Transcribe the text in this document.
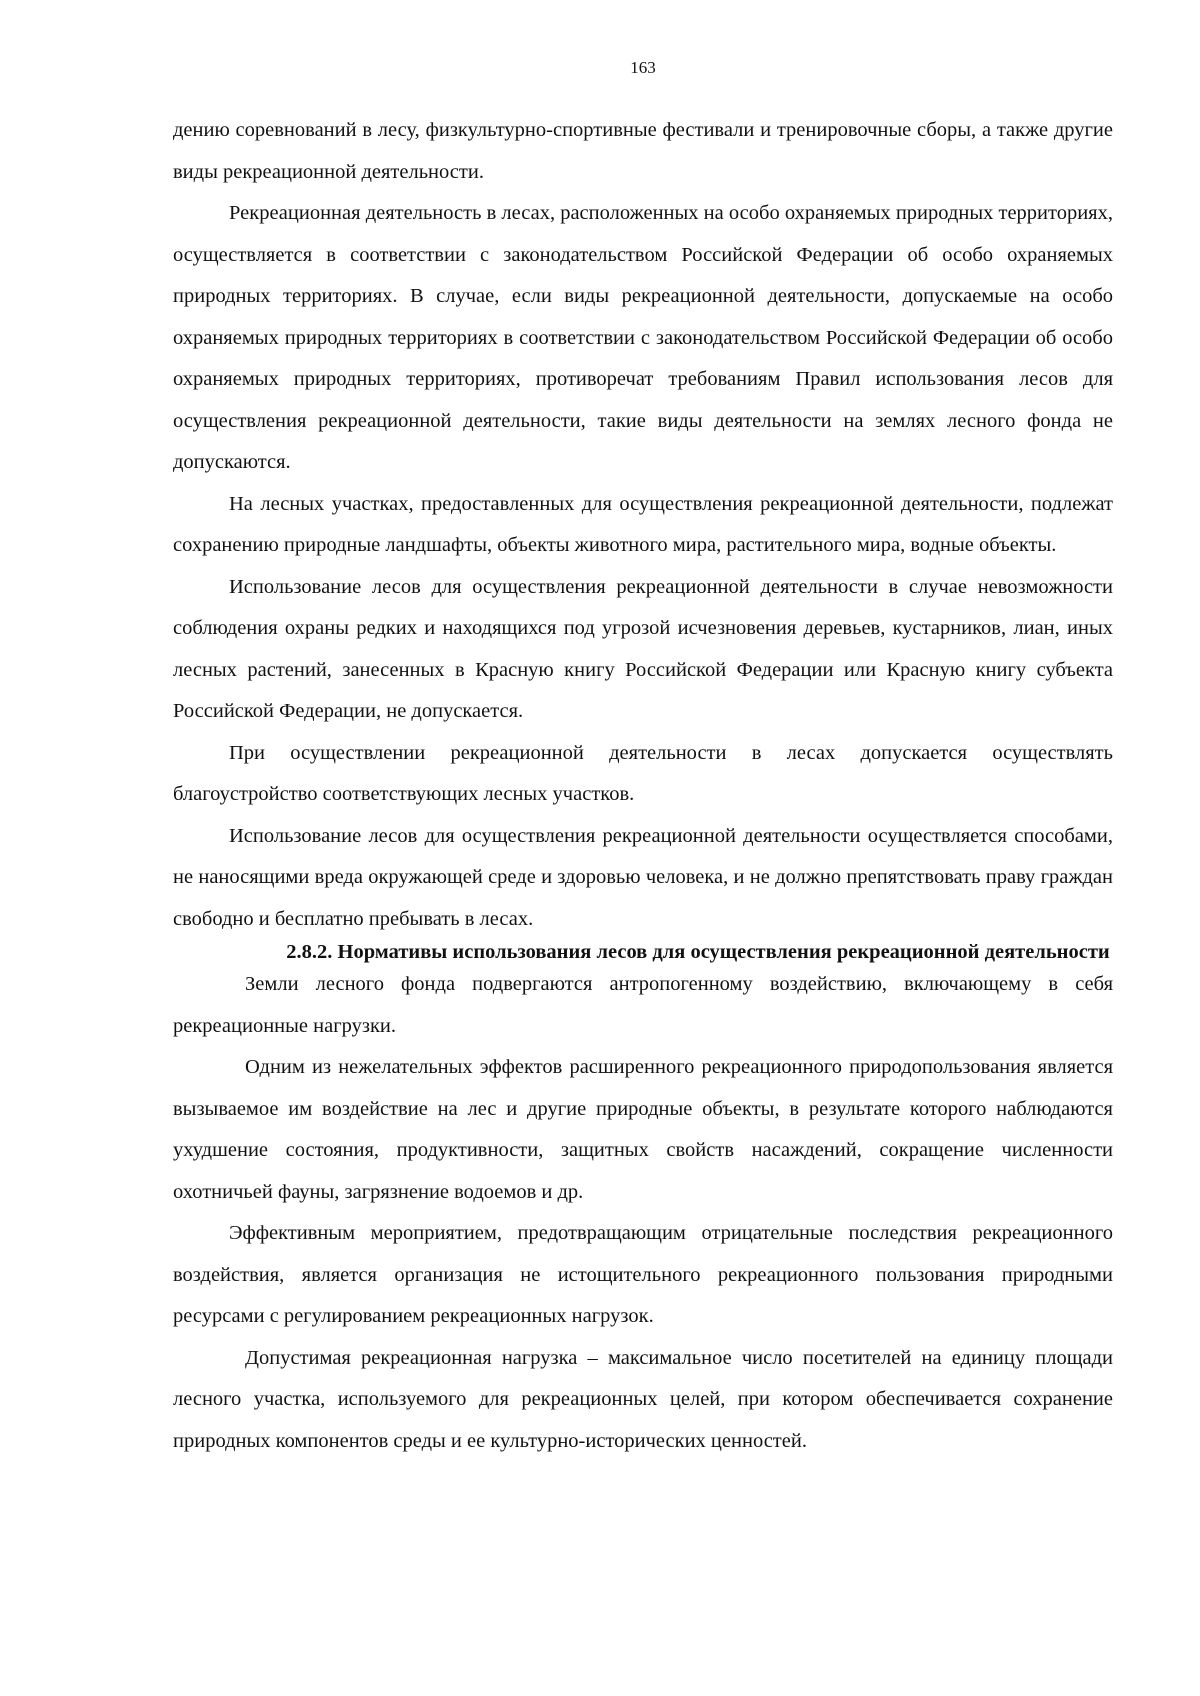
163

дению соревнований в лесу, физкультурно-спортивные фестивали и тренировочные сборы, а также другие виды рекреационной деятельности.

Рекреационная деятельность в лесах, расположенных на особо охраняемых природных территориях, осуществляется в соответствии с законодательством Российской Федерации об особо охраняемых природных территориях. В случае, если виды рекреационной деятельности, допускаемые на особо охраняемых природных территориях в соответствии с законодательством Российской Федерации об особо охраняемых природных территориях, противоречат требованиям Правил использования лесов для осуществления рекреационной деятельности, такие виды деятельности на землях лесного фонда не допускаются.

На лесных участках, предоставленных для осуществления рекреационной деятельности, подлежат сохранению природные ландшафты, объекты животного мира, растительного мира, водные объекты.

Использование лесов для осуществления рекреационной деятельности в случае невозможности соблюдения охраны редких и находящихся под угрозой исчезновения деревьев, кустарников, лиан, иных лесных растений, занесенных в Красную книгу Российской Федерации или Красную книгу субъекта Российской Федерации, не допускается.

При осуществлении рекреационной деятельности в лесах допускается осуществлять благоустройство соответствующих лесных участков.

Использование лесов для осуществления рекреационной деятельности осуществляется способами, не наносящими вреда окружающей среде и здоровью человека, и не должно препятствовать праву граждан свободно и бесплатно пребывать в лесах.

2.8.2. Нормативы использования лесов для осуществления рекреационной деятельности

Земли лесного фонда подвергаются антропогенному воздействию, включающему в себя рекреационные нагрузки.

Одним из нежелательных эффектов расширенного рекреационного природопользования является вызываемое им воздействие на лес и другие природные объекты, в результате которого наблюдаются ухудшение состояния, продуктивности, защитных свойств насаждений, сокращение численности охотничьей фауны, загрязнение водоемов и др.

Эффективным мероприятием, предотвращающим отрицательные последствия рекреационного воздействия, является организация не истощительного рекреационного пользования природными ресурсами с регулированием рекреационных нагрузок.

Допустимая рекреационная нагрузка – максимальное число посетителей на единицу площади лесного участка, используемого для рекреационных целей, при котором обеспечивается сохранение природных компонентов среды и ее культурно-исторических ценностей.
